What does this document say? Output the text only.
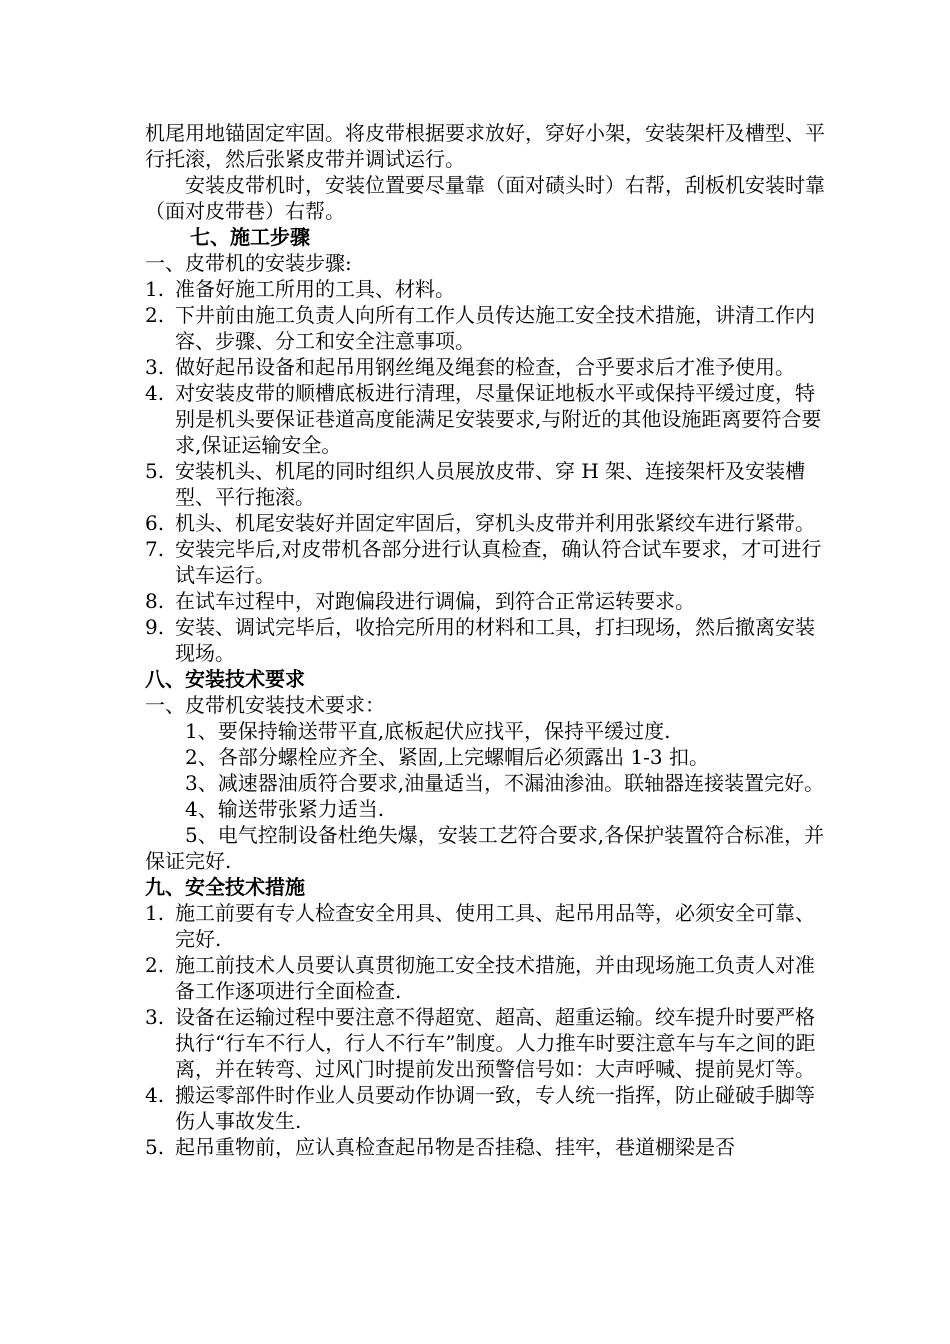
机尾用地锚固定牢固。将皮带根据要求放好，穿好小架，安装架杆及槽型、平行托滚，然后张紧皮带并调试运行。

安装皮带机时，安装位置要尽量靠（面对碛头时）右帮，刮板机安装时靠（面对皮带巷）右帮。

七、施工步骤

一、皮带机的安装步骤:

1. 准备好施工所用的工具、材料。
2. 下井前由施工负责人向所有工作人员传达施工安全技术措施，讲清工作内容、步骤、分工和安全注意事项。
3. 做好起吊设备和起吊用钢丝绳及绳套的检查，合乎要求后才准予使用。
4. 对安装皮带的顺槽底板进行清理，尽量保证地板水平或保持平缓过度，特别是机头要保证巷道高度能满足安装要求,与附近的其他设施距离要符合要求,保证运输安全。
5. 安装机头、机尾的同时组织人员展放皮带、穿 H 架、连接架杆及安装槽型、平行拖滚。
6. 机头、机尾安装好并固定牢固后，穿机头皮带并利用张紧绞车进行紧带。
7. 安装完毕后,对皮带机各部分进行认真检查，确认符合试车要求，才可进行试车运行。
8. 在试车过程中，对跑偏段进行调偏，到符合正常运转要求。
9. 安装、调试完毕后，收拾完所用的材料和工具，打扫现场，然后撤离安装现场。

八、安装技术要求

一、皮带机安装技术要求：

1、要保持输送带平直,底板起伏应找平，保持平缓过度.

2、各部分螺栓应齐全、紧固,上完螺帽后必须露出 1-3 扣。

3、减速器油质符合要求,油量适当，不漏油渗油。联轴器连接装置完好。

4、输送带张紧力适当.

5、电气控制设备杜绝失爆，安装工艺符合要求,各保护装置符合标准，并保证完好.

九、安全技术措施

1. 施工前要有专人检查安全用具、使用工具、起吊用品等，必须安全可靠、完好.
2. 施工前技术人员要认真贯彻施工安全技术措施，并由现场施工负责人对准备工作逐项进行全面检查.
3. 设备在运输过程中要注意不得超宽、超高、超重运输。绞车提升时要严格执行“行车不行人，行人不行车”制度。人力推车时要注意车与车之间的距离，并在转弯、过风门时提前发出预警信号如：大声呼喊、提前晃灯等。
4. 搬运零部件时作业人员要动作协调一致，专人统一指挥，防止碰破手脚等伤人事故发生.
5. 起吊重物前，应认真检查起吊物是否挂稳、挂牢，巷道棚梁是否
